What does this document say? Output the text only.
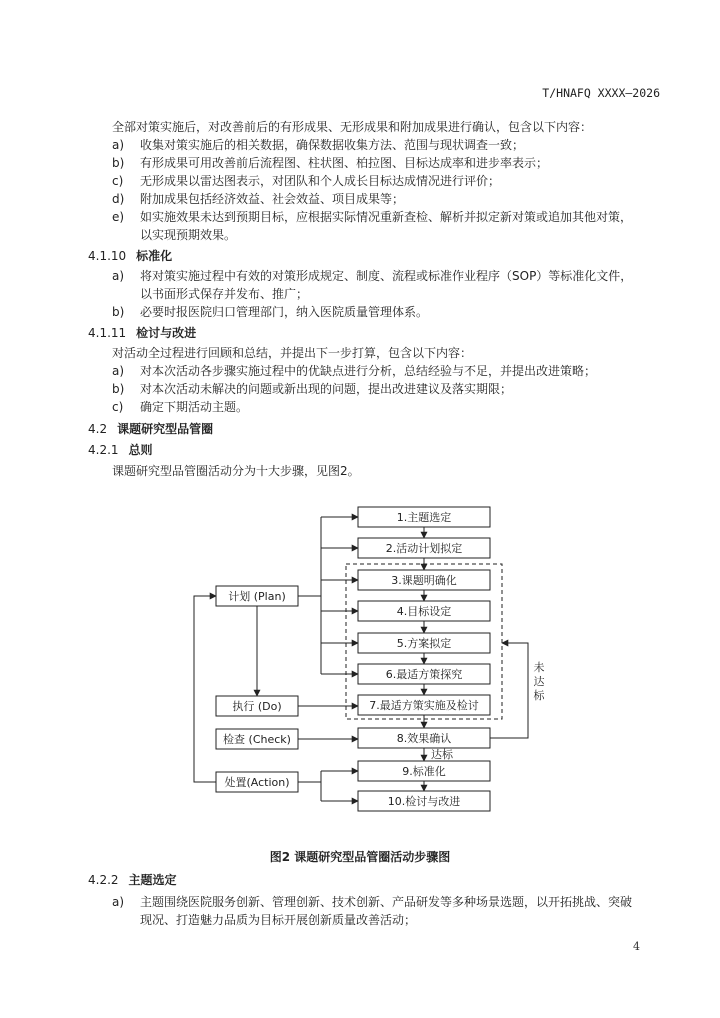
T/HNAFQ XXXX—2026
全部对策实施后，对改善前后的有形成果、无形成果和附加成果进行确认，包含以下内容：
a) 收集对策实施后的相关数据，确保数据收集方法、范围与现状调查一致；
b) 有形成果可用改善前后流程图、柱状图、柏拉图、目标达成率和进步率表示；
c) 无形成果以雷达图表示，对团队和个人成长目标达成情况进行评价；
d) 附加成果包括经济效益、社会效益、项目成果等；
e) 如实施效果未达到预期目标，应根据实际情况重新查检、解析并拟定新对策或追加其他对策，
以实现预期效果。
4.1.10 标准化
a) 将对策实施过程中有效的对策形成规定、制度、流程或标准作业程序（SOP）等标准化文件，
以书面形式保存并发布、推广；
b) 必要时报医院归口管理部门，纳入医院质量管理体系。
4.1.11 检讨与改进
对活动全过程进行回顾和总结，并提出下一步打算，包含以下内容：
a) 对本次活动各步骤实施过程中的优缺点进行分析，总结经验与不足，并提出改进策略；
b) 对本次活动未解决的问题或新出现的问题，提出改进建议及落实期限；
c) 确定下期活动主题。
4.2 课题研究型品管圈
4.2.1 总则
课题研究型品管圈活动分为十大步骤，见图2。
1.主题选定
2.活动计划拟定
3.课题明确化
4.目标设定
5.方案拟定
6.最适方策探究
7.最适方策实施及检讨
8.效果确认
9.标准化
10.检讨与改进
计划 (Plan)
执行 (Do)
检查 (Check)
处置(Action)
未达标
达标
图2 课题研究型品管圈活动步骤图
4.2.2 主题选定
a) 主题围绕医院服务创新、管理创新、技术创新、产品研发等多种场景选题，以开拓挑战、突破
现况、打造魅力品质为目标开展创新质量改善活动；
4
